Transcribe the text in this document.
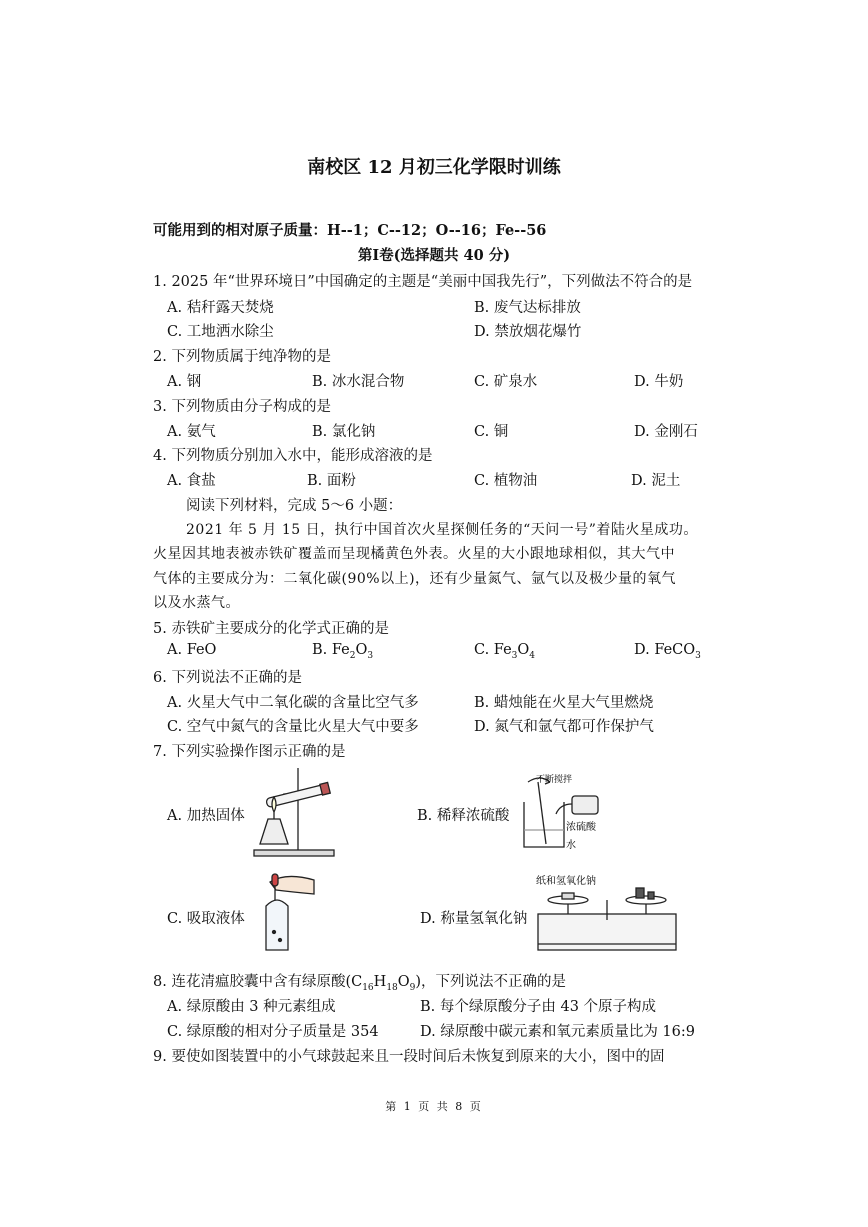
南校区 12 月初三化学限时训练
可能用到的相对原子质量：H--1；C--12；O--16；Fe--56
第Ⅰ卷(选择题共 40 分)
1. 2025 年“世界环境日”中国确定的主题是“美丽中国我先行”，下列做法不符合的是
A. 秸秆露天焚烧	B. 废气达标排放
C. 工地洒水除尘	D. 禁放烟花爆竹
2. 下列物质属于纯净物的是
A. 钢	B. 冰水混合物	C. 矿泉水	D. 牛奶
3. 下列物质由分子构成的是
A. 氨气	B. 氯化钠	C. 铜	D. 金刚石
4. 下列物质分别加入水中，能形成溶液的是
A. 食盐	B. 面粉	C. 植物油	D. 泥土
阅读下列材料，完成 5～6 小题：
2021 年 5 月 15 日，执行中国首次火星探侧任务的“天问一号”着陆火星成功。
火星因其地表被赤铁矿覆盖而呈现橘黄色外表。火星的大小跟地球相似，其大气中
气体的主要成分为：二氧化碳(90%以上)，还有少量氮气、氩气以及极少量的氧气
以及水蒸气。
5. 赤铁矿主要成分的化学式正确的是
A. FeO	B. $Fe_2O_3$	C. $Fe_3O_4$	D. FeCO$_3$
6. 下列说法不正确的是
A. 火星大气中二氧化碳的含量比空气多	B. 蜡烛能在火星大气里燃烧
C. 空气中氮气的含量比火星大气中要多	D. 氮气和氩气都可作保护气
7. 下列实验操作图示正确的是
A. 加热固体	B. 稀释浓硫酸
C. 吸取液体	D. 称量氢氧化钠
不断搅拌
浓硫酸
水
纸和氢氧化钠
8. 连花清瘟胶囊中含有绿原酸$(C_{16}H_{18}O_9)$，下列说法不正确的是
A. 绿原酸由 3 种元素组成	B. 每个绿原酸分子由 43 个原子构成
C. 绿原酸的相对分子质量是 354	D. 绿原酸中碳元素和氧元素质量比为 16:9
9. 要使如图装置中的小气球鼓起来且一段时间后未恢复到原来的大小，图中的固
第 1 页 共 8 页
